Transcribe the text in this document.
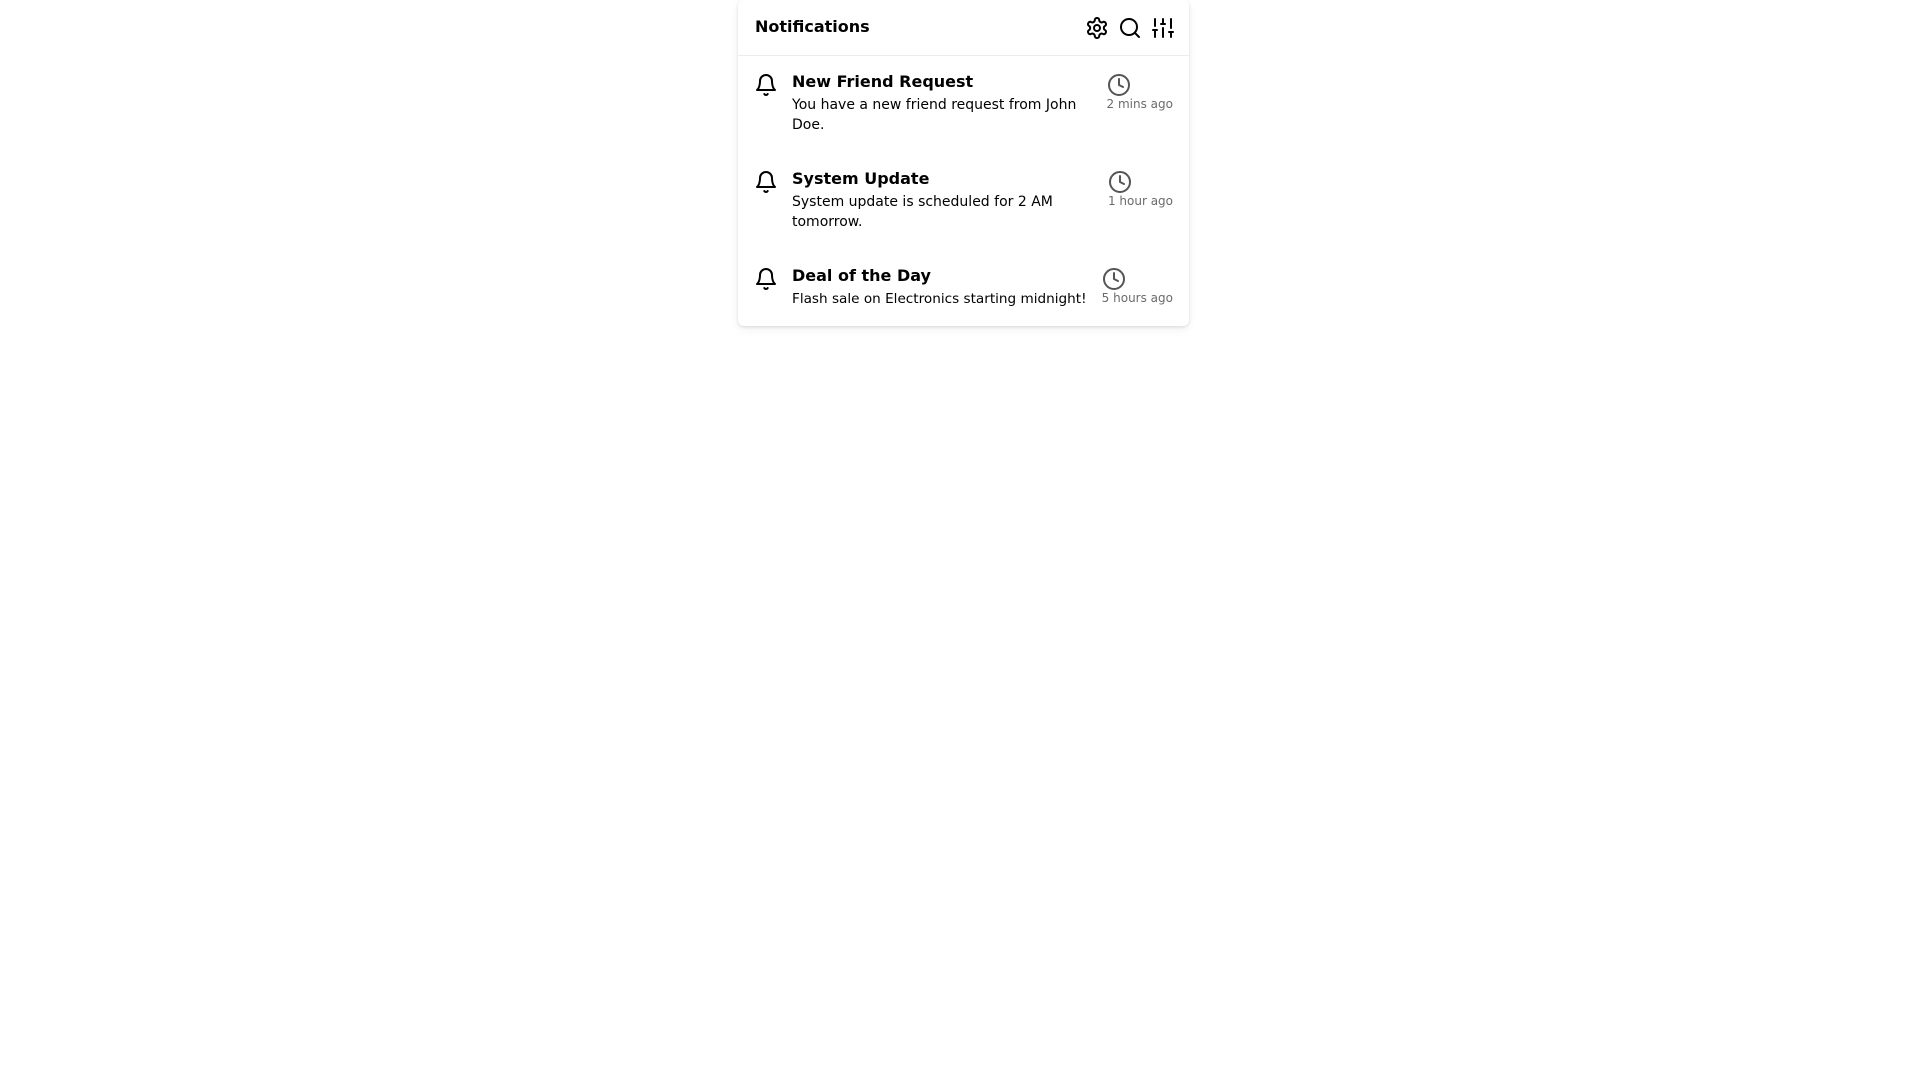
Notifications
New Friend Request
You have a new friend request from John Doe.
2 mins ago
System Update
System update is scheduled for 2 AM tomorrow.
1 hour ago
Deal of the Day
Flash sale on Electronics starting midnight!	5 hours ago
